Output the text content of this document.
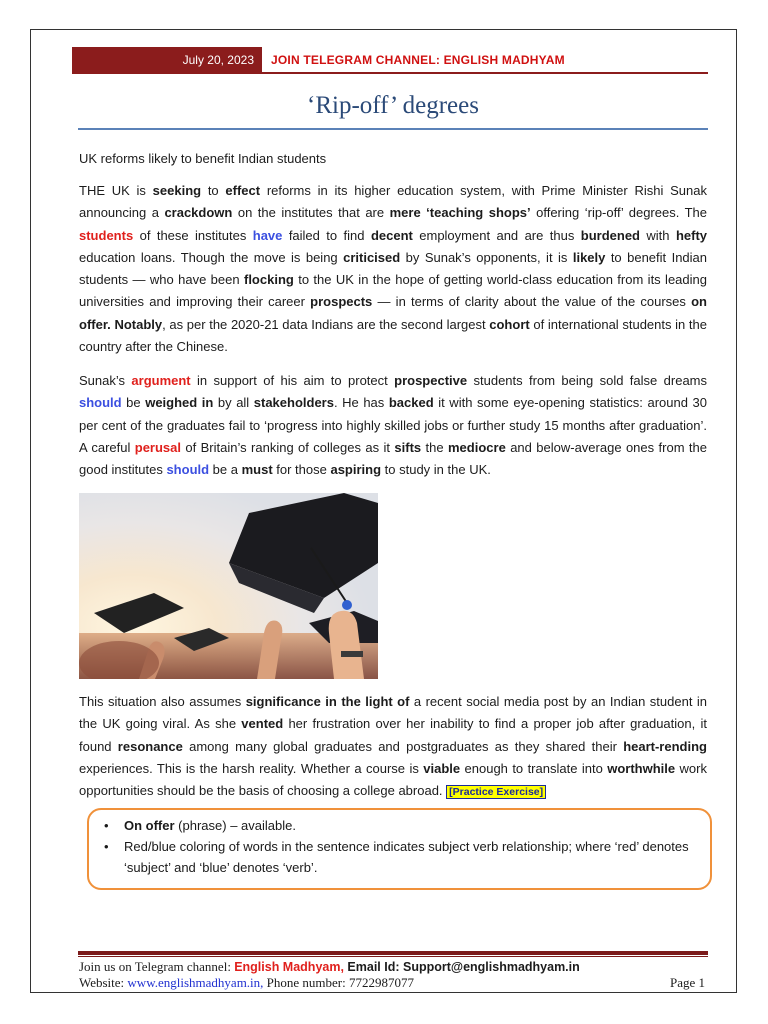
July 20, 2023	JOIN TELEGRAM CHANNEL: ENGLISH MADHYAM
‘Rip-off’ degrees

UK reforms likely to benefit Indian students

THE UK is seeking to effect reforms in its higher education system, with Prime Minister Rishi Sunak announcing a crackdown on the institutes that are mere ‘teaching shops’ offering ‘rip-off’ degrees. The students of these institutes have failed to find decent employment and are thus burdened with hefty education loans. Though the move is being criticised by Sunak’s opponents, it is likely to benefit Indian students — who have been flocking to the UK in the hope of getting world-class education from its leading universities and improving their career prospects — in terms of clarity about the value of the courses on offer. Notably, as per the 2020-21 data Indians are the second largest cohort of international students in the country after the Chinese.

Sunak’s argument in support of his aim to protect prospective students from being sold false dreams should be weighed in by all stakeholders. He has backed it with some eye-opening statistics: around 30 per cent of the graduates fail to ‘progress into highly skilled jobs or further study 15 months after graduation’. A careful perusal of Britain’s ranking of colleges as it sifts the mediocre and below-average ones from the good institutes should be a must for those aspiring to study in the UK.

This situation also assumes significance in the light of a recent social media post by an Indian student in the UK going viral. As she vented her frustration over her inability to find a proper job after graduation, it found resonance among many global graduates and postgraduates as they shared their heart-rending experiences. This is the harsh reality. Whether a course is viable enough to translate into worthwhile work opportunities should be the basis of choosing a college abroad. [Practice Exercise]

• On offer (phrase) – available.
• Red/blue coloring of words in the sentence indicates subject verb relationship; where ‘red’ denotes ‘subject’ and ‘blue’ denotes ‘verb’.
Join us on Telegram channel: English Madhyam, Email Id: Support@englishmadhyam.in
Website: www.englishmadhyam.in, Phone number: 7722987077	Page 1
